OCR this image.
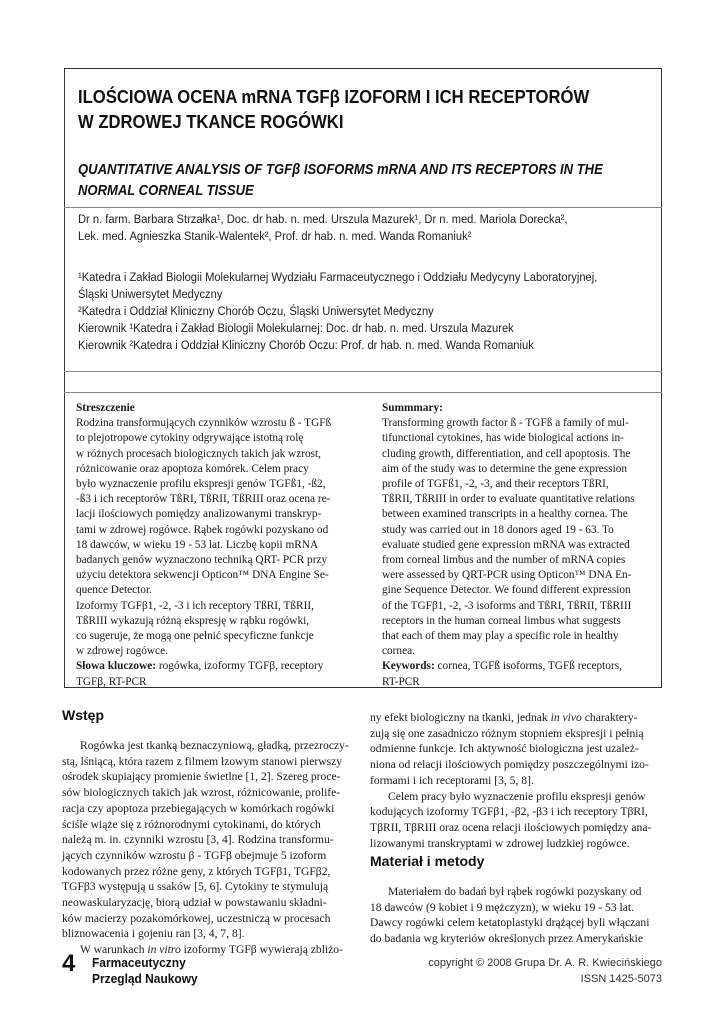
ILOŚCIOWA OCENA mRNA TGFβ IZOFORM I ICH RECEPTORÓW
W ZDROWEJ TKANCE ROGÓWKI
QUANTITATIVE ANALYSIS OF TGFβ ISOFORMS mRNA AND ITS RECEPTORS IN THE
NORMAL CORNEAL TISSUE
Dr n. farm. Barbara Strzałka¹, Doc. dr hab. n. med. Urszula Mazurek¹, Dr n. med. Mariola Dorecka²,
Lek. med. Agnieszka Stanik-Walentek², Prof. dr hab. n. med. Wanda Romaniuk²
¹Katedra i Zakład Biologii Molekularnej Wydziału Farmaceutycznego i Oddziału Medycyny Laboratoryjnej,
Śląski Uniwersytet Medyczny
²Katedra i Oddział Kliniczny Chorób Oczu, Śląski Uniwersytet Medyczny
Kierownik ¹Katedra i Zakład Biologii Molekularnej: Doc. dr hab. n. med. Urszula Mazurek
Kierownik ²Katedra i Oddział Kliniczny Chorób Oczu: Prof. dr hab. n. med. Wanda Romaniuk
Streszczenie
Rodzina transformujących czynników wzrostu ß - TGFß
to plejotropowe cytokiny odgrywające istotną rolę
w różnych procesach biologicznych takich jak wzrost,
różnicowanie oraz apoptoza komórek. Celem pracy
było wyznaczenie profilu ekspresji genów TGFß1, -ß2,
-ß3 i ich receptorów TßRI, TßRII, TßRIII oraz ocena re-
lacji ilościowych pomiędzy analizowanymi transkryp-
tami w zdrowej rogówce. Rąbek rogówki pozyskano od
18 dawców, w wieku 19 - 53 lat. Liczbę kopii mRNA
badanych genów wyznaczono techniką QRT- PCR przy
użyciu detektora sekwencji Opticon™ DNA Engine Se-
quence Detector.
Izoformy TGFβ1, -2, -3 i ich receptory TßRI, TßRII,
TßRIII wykazują różną ekspresję w rąbku rogówki,
co sugeruje, że mogą one pełnić specyficzne funkcje
w zdrowej rogówce.
Słowa kluczowe: rogówka, izoformy TGFβ, receptory
TGFβ, RT-PCR
Summmary:
Transforming growth factor ß - TGFß a family of mul-
tifunctional cytokines, has wide biological actions in-
cluding growth, differentiation, and cell apoptosis. The
aim of the study was to determine the gene expression
profile of TGFß1, -2, -3, and their receptors TßRI,
TßRII, TßRIII in order to evaluate quantitative relations
between examined transcripts in a healthy cornea. The
study was carried out in 18 donors aged 19 - 63. To
evaluate studied gene expression mRNA was extracted
from corneal limbus and the number of mRNA copies
were assessed by QRT-PCR using Opticon™ DNA En-
gine Sequence Detector. We found different expression
of the TGFβ1, -2, -3 isoforms and TßRI, TßRII, TßRIII
receptors in the human corneal limbus what suggests
that each of them may play a specific role in healthy
cornea.
Keywords: cornea, TGFß isoforms, TGFß receptors,
RT-PCR
Wstęp
Rogówka jest tkanką beznaczyniową, gładką, przezroczy-
stą, lśniącą, która razem z filmem łzowym stanowi pierwszy
ośrodek skupiający promienie świetlne [1, 2]. Szereg proce-
sów biologicznych takich jak wzrost, różnicowanie, prolife-
racja czy apoptoza przebiegających w komórkach rogówki
ściśle wiąże się z różnorodnymi cytokinami, do których
należą m. in. czynniki wzrostu [3, 4]. Rodzina transformu-
jących czynników wzrostu β - TGFβ obejmuje 5 izoform
kodowanych przez różne geny, z których TGFβ1, TGFβ2,
TGFβ3 występują u ssaków [5, 6]. Cytokiny te stymulują
neowaskularyzację, biorą udział w powstawaniu składni-
ków macierzy pozakomórkowej, uczestniczą w procesach
bliznowacenia i gojeniu ran [3, 4, 7, 8].
W warunkach in vitro izoformy TGFβ wywierają zbliżo-
ny efekt biologiczny na tkanki, jednak in vivo charaktery-
zują się one zasadniczo różnym stopniem ekspresji i pełnią
odmienne funkcje. Ich aktywność biologiczna jest uzależ-
niona od relacji ilościowych pomiędzy poszczególnymi izo-
formami i ich receptorami [3, 5, 8].
Celem pracy było wyznaczenie profilu ekspresji genów
kodujących izoformy TGFβ1, -β2, -β3 i ich receptory TβRI,
TβRII, TβRIII oraz ocena relacji ilościowych pomiędzy ana-
lizowanymi transkryptami w zdrowej ludzkiej rogówce.
Materiał i metody
Materiałem do badań był rąbek rogówki pozyskany od
18 dawców (9 kobiet i 9 mężczyzn), w wieku 19 - 53 lat.
Dawcy rogówki celem ketatoplastyki drążącej byli włączani
do badania wg kryteriów określonych przez Amerykańskie
4 Farmaceutyczny
Przegląd Naukowy
copyright © 2008 Grupa Dr. A. R. Kwieciński​ego
ISSN 1425-5073
